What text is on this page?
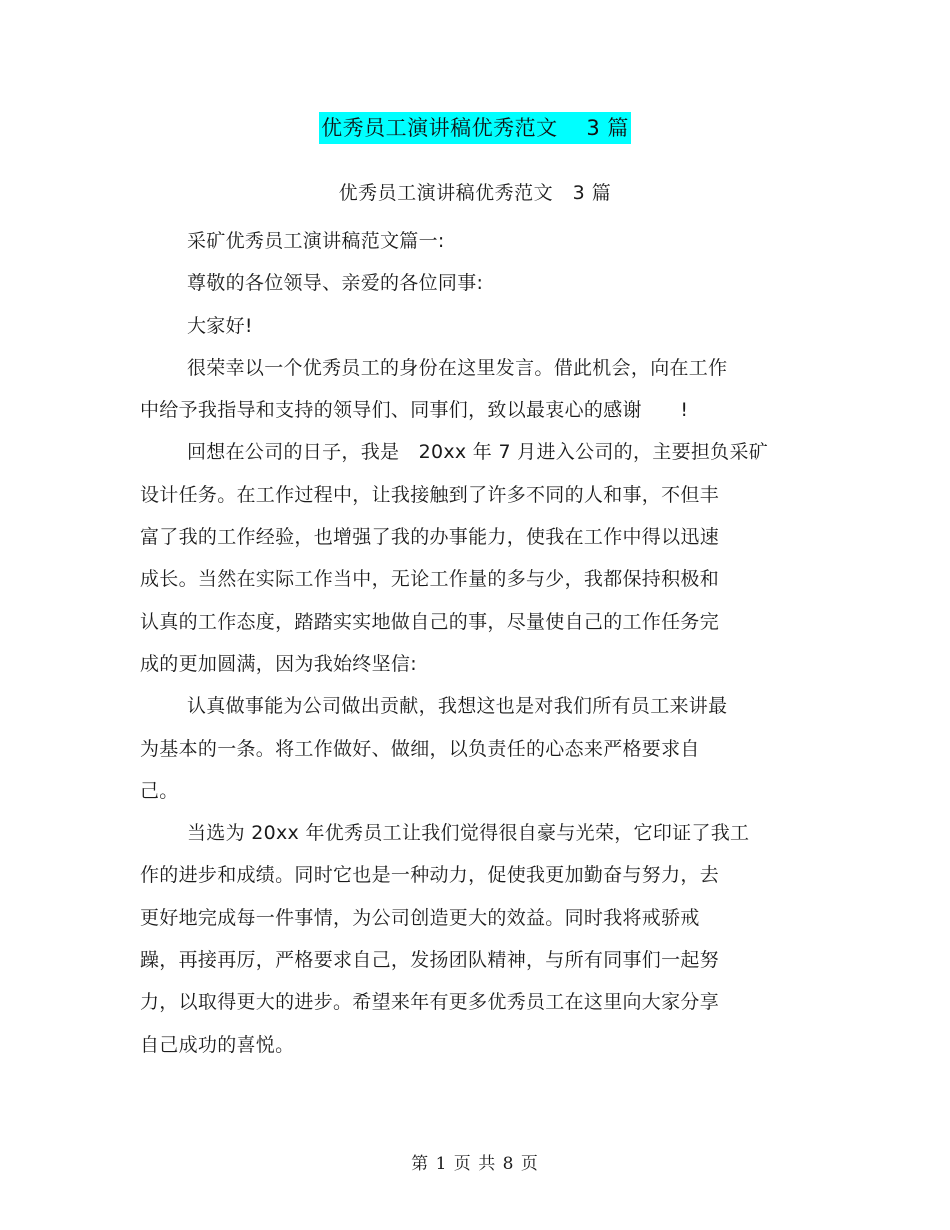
优秀员工演讲稿优秀范文　 3 篇
优秀员工演讲稿优秀范文　3 篇
采矿优秀员工演讲稿范文篇一:
尊敬的各位领导、亲爱的各位同事:
大家好!
很荣幸以一个优秀员工的身份在这里发言。借此机会，向在工作
中给予我指导和支持的领导们、同事们，致以最衷心的感谢　　!
回想在公司的日子，我是　20xx 年 7 月进入公司的，主要担负采矿
设计任务。在工作过程中，让我接触到了许多不同的人和事，不但丰
富了我的工作经验，也增强了我的办事能力，使我在工作中得以迅速
成长。当然在实际工作当中，无论工作量的多与少，我都保持积极和
认真的工作态度，踏踏实实地做自己的事，尽量使自己的工作任务完
成的更加圆满，因为我始终坚信:
认真做事能为公司做出贡献，我想这也是对我们所有员工来讲最
为基本的一条。将工作做好、做细，以负责任的心态来严格要求自
己。
当选为 20xx 年优秀员工让我们觉得很自豪与光荣，它印证了我工
作的进步和成绩。同时它也是一种动力，促使我更加勤奋与努力，去
更好地完成每一件事情，为公司创造更大的效益。同时我将戒骄戒
躁，再接再厉，严格要求自己，发扬团队精神，与所有同事们一起努
力，以取得更大的进步。希望来年有更多优秀员工在这里向大家分享
自己成功的喜悦。
第 1 页 共 8 页
